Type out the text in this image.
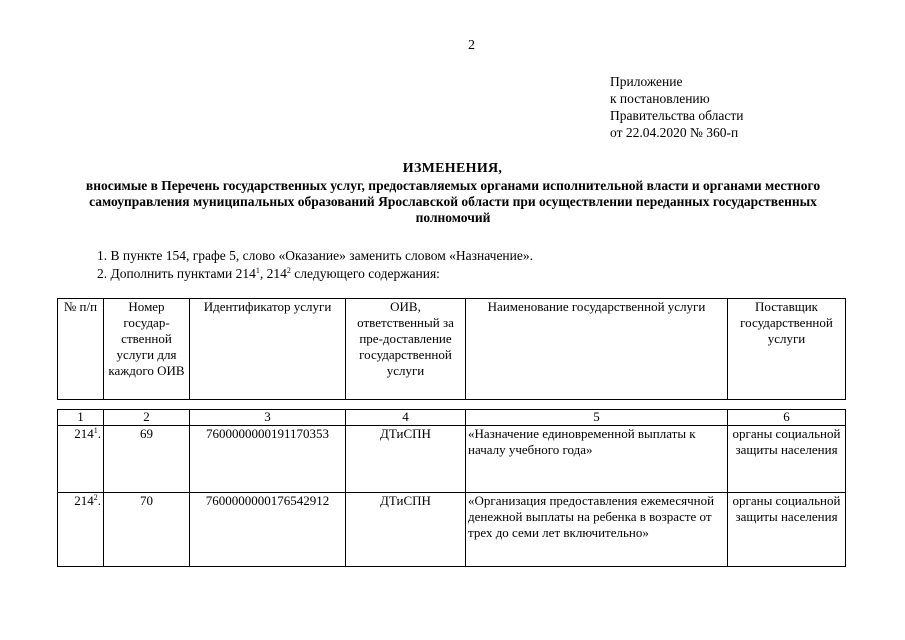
2
Приложение
к постановлению
Правительства области
от 22.04.2020 № 360-п
ИЗМЕНЕНИЯ,
вносимые в Перечень государственных услуг, предоставляемых органами исполнительной власти и органами местного самоуправления муниципальных образований Ярославской области при осуществлении переданных государственных полномочий
1. В пункте 154, графе 5, слово «Оказание» заменить словом «Назначение».
2. Дополнить пунктами $214^1$, $214^2$ следующего содержания:
№ п/п	Номер государ-ственной услуги для каждого ОИВ	Идентификатор услуги	ОИВ, ответственный за пре-доставление государственной услуги	Наименование государственной услуги	Поставщик государственной услуги
1	2	3	4	5	6
$214^1$.	69	7600000000191170353	ДТиСПН	«Назначение единовременной выплаты к началу учебного года»	органы социальной защиты населения
$214^2$.	70	7600000000176542912	ДТиСПН	«Организация предоставления ежемесячной денежной выплаты на ребенка в возрасте от трех до семи лет включительно»	органы социальной защиты населения
